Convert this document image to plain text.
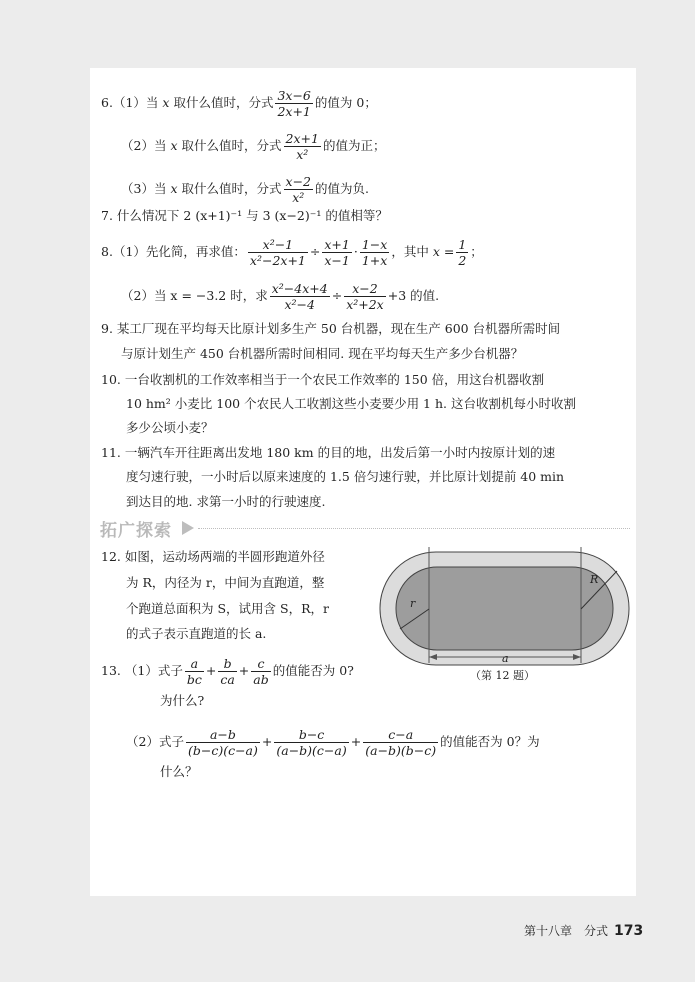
6.（1）当 x 取什么值时，分式 $\frac{3x-6}{2x+1}$ 的值为 0；
（2）当 x 取什么值时，分式 $\frac{2x+1}{\text{x²}}$ 的值为正；
（3）当 x 取什么值时，分式 $\frac{x-2}{\text{x²}}$ 的值为负.
7. 什么情况下 2 (x+1)⁻¹ 与 3 (x−2)⁻¹ 的值相等？
8.（1）先化简，再求值： $\frac{\text{x²−1}}{\text{x²−2x+1}} \div \frac{x+1}{x-1} \cdot \frac{1-x}{1+x}$ ，其中 $x = \frac{1}{2}$ ；
（2）当 x = −3.2 时，求 $\frac{\text{x²−4x+4}}{\text{x²−4}} \div \frac{x-2}{\text{x²+2x}} +3$ 的值.
9. 某工厂现在平均每天比原计划多生产 50 台机器，现在生产 600 台机器所需时间
与原计划生产 450 台机器所需时间相同. 现在平均每天生产多少台机器？
10. 一台收割机的工作效率相当于一个农民工作效率的 150 倍，用这台机器收割
10 hm² 小麦比 100 个农民人工收割这些小麦要少用 1 h. 这台收割机每小时收割
多少公顷小麦？
11. 一辆汽车开往距离出发地 180 km 的目的地，出发后第一小时内按原计划的速
度匀速行驶，一小时后以原来速度的 1.5 倍匀速行驶，并比原计划提前 40 min
到达目的地. 求第一小时的行驶速度.
拓广探索
12. 如图，运动场两端的半圆形跑道外径
为 R，内径为 r，中间为直跑道，整
个跑道总面积为 S，试用含 S，R，r
的式子表示直跑道的长 a.
R
r
a
（第 12 题）
13. （1）式子 $\frac{a}{bc} + \frac{b}{ca} + \frac{c}{ab}$ 的值能否为 0?
为什么?
（2）式子 $\frac{a-b}{(b-c)(c-a)} + \frac{b-c}{(a-b)(c-a)} + \frac{c-a}{(a-b)(b-c)}$ 的值能否为 0？为
什么？
第十八章　分式 173
